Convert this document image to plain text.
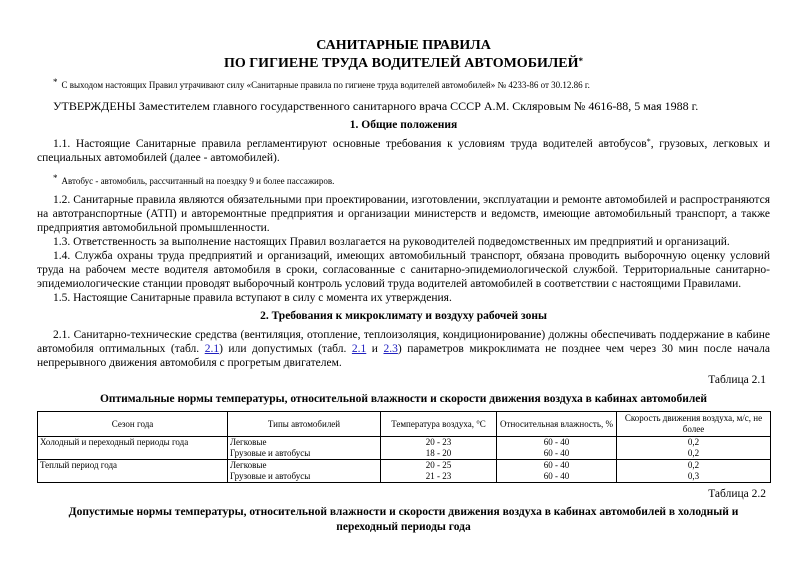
САНИТАРНЫЕ ПРАВИЛА
ПО ГИГИЕНЕ ТРУДА ВОДИТЕЛЕЙ АВТОМОБИЛЕЙ*
* С выходом настоящих Правил утрачивают силу «Санитарные правила по гигиене труда водителей автомобилей» № 4233-86 от 30.12.86 г.
УТВЕРЖДЕНЫ Заместителем главного государственного санитарного врача СССР А.М. Скляровым № 4616-88, 5 мая 1988 г.
1. Общие положения
1.1. Настоящие Санитарные правила регламентируют основные требования к условиям труда водителей автобусов*, грузовых, легковых и специальных автомобилей (далее - автомобилей).
* Автобус - автомобиль, рассчитанный на поездку 9 и более пассажиров.
1.2. Санитарные правила являются обязательными при проектировании, изготовлении, эксплуатации и ремонте автомобилей и распространяются на автотранспортные (АТП) и авторемонтные предприятия и организации министерств и ведомств, имеющие автомобильный транспорт, а также предприятия автомобильной промышленности.
1.3. Ответственность за выполнение настоящих Правил возлагается на руководителей подведомственных им предприятий и организаций.
1.4. Служба охраны труда предприятий и организаций, имеющих автомобильный транспорт, обязана проводить выборочную оценку условий труда на рабочем месте водителя автомобиля в сроки, согласованные с санитарно-эпидемиологической службой. Территориальные санитарно-эпидемиологические станции проводят выборочный контроль условий труда водителей автомобилей в соответствии с настоящими Правилами.
1.5. Настоящие Санитарные правила вступают в силу с момента их утверждения.
2. Требования к микроклимату и воздуху рабочей зоны
2.1. Санитарно-технические средства (вентиляция, отопление, теплоизоляция, кондиционирование) должны обеспечивать поддержание в кабине автомобиля оптимальных (табл. 2.1) или допустимых (табл. 2.1 и 2.3) параметров микроклимата не позднее чем через 30 мин после начала непрерывного движения автомобиля с прогретым двигателем.
Таблица 2.1
Оптимальные нормы температуры, относительной влажности и скорости движения воздуха в кабинах автомобилей
Сезон года	Типы автомобилей	Температура воздуха, °С	Относительная влажность, %	Скорость движения воздуха, м/с, не более
Холодный и переходный периоды года	Легковые	20 - 23	60 - 40	0,2
	Грузовые и автобусы	18 - 20	60 - 40	0,2
Теплый период года	Легковые	20 - 25	60 - 40	0,2
	Грузовые и автобусы	21 - 23	60 - 40	0,3
Таблица 2.2
Допустимые нормы температуры, относительной влажности и скорости движения воздуха в кабинах автомобилей в холодный и переходный периоды года
